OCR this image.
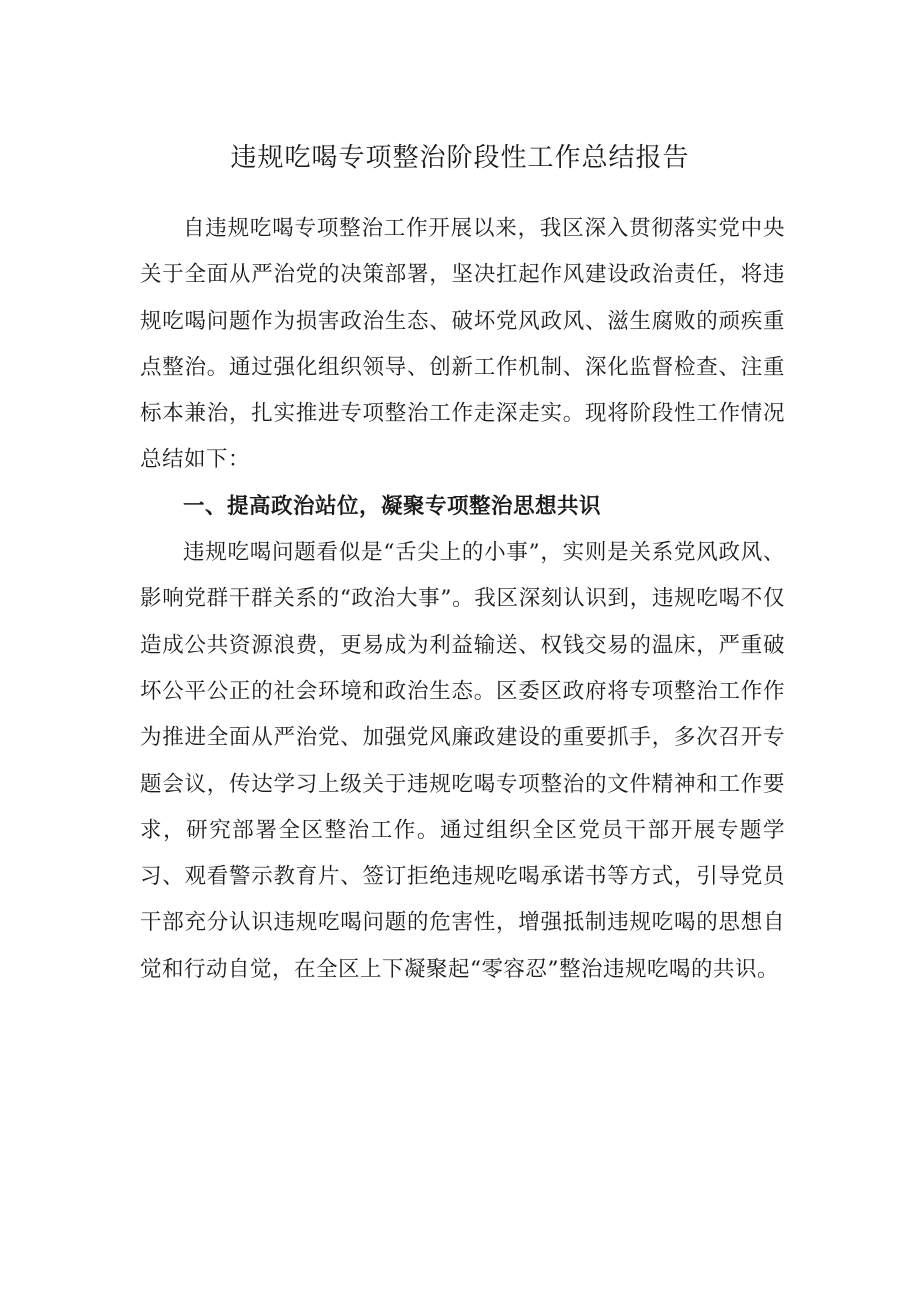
违规吃喝专项整治阶段性工作总结报告

自违规吃喝专项整治工作开展以来，我区深入贯彻落实党中央关于全面从严治党的决策部署，坚决扛起作风建设政治责任，将违规吃喝问题作为损害政治生态、破坏党风政风、滋生腐败的顽疾重点整治。通过强化组织领导、创新工作机制、深化监督检查、注重标本兼治，扎实推进专项整治工作走深走实。现将阶段性工作情况总结如下：

一、提高政治站位，凝聚专项整治思想共识

违规吃喝问题看似是“舌尖上的小事”，实则是关系党风政风、影响党群干群关系的“政治大事”。我区深刻认识到，违规吃喝不仅造成公共资源浪费，更易成为利益输送、权钱交易的温床，严重破坏公平公正的社会环境和政治生态。区委区政府将专项整治工作作为推进全面从严治党、加强党风廉政建设的重要抓手，多次召开专题会议，传达学习上级关于违规吃喝专项整治的文件精神和工作要求，研究部署全区整治工作。通过组织全区党员干部开展专题学习、观看警示教育片、签订拒绝违规吃喝承诺书等方式，引导党员干部充分认识违规吃喝问题的危害性，增强抵制违规吃喝的思想自觉和行动自觉，在全区上下凝聚起“零容忍”整治违规吃喝的共识。
